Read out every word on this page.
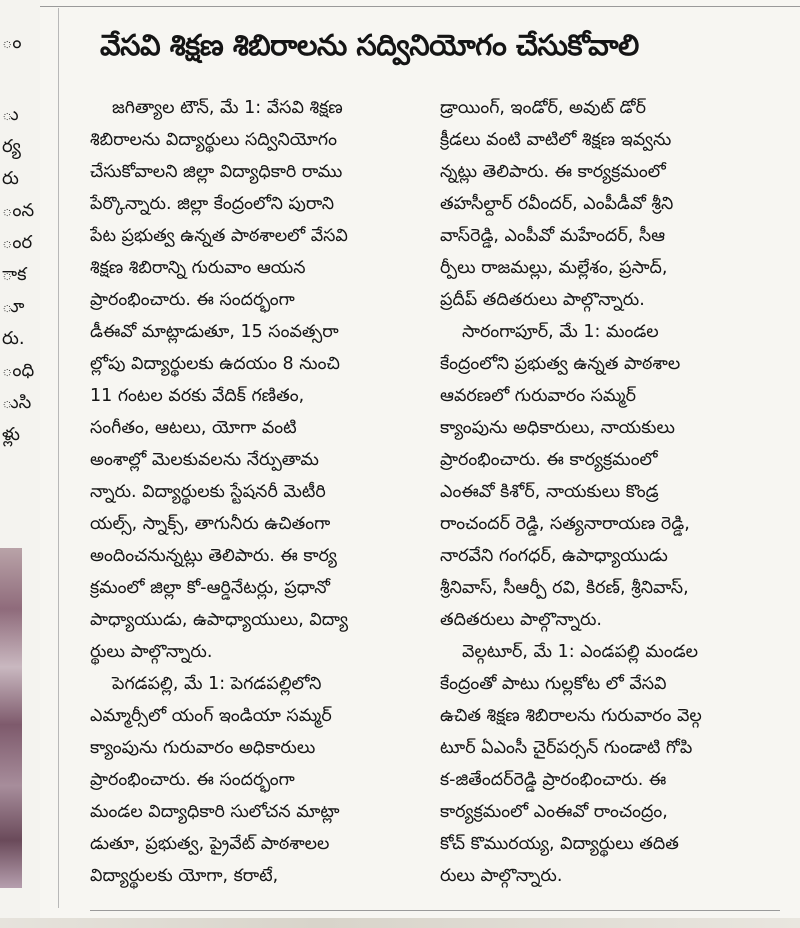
ం
ు
ర్య
రు
ంన
ంర
ాక
ూ
రు.
ంధి
ుసి
ళ్లు
వేసవి శిక్షణ శిబిరాలను సద్వినియోగం చేసుకోవాలి
జగిత్యాల టౌన్, మే 1: వేసవి శిక్షణ
శిబిరాలను విద్యార్థులు సద్వినియోగం
చేసుకోవాలని జిల్లా విద్యాధికారి రాము
పేర్కొన్నారు. జిల్లా కేంద్రంలోని పురాని
పేట ప్రభుత్వ ఉన్నత పాఠశాలలో వేసవి
శిక్షణ శిబిరాన్ని గురువాం ఆయన
ప్రారంభించారు. ఈ సందర్భంగా
డీఈవో మాట్లాడుతూ, 15 సంవత్సరా
ల్లోపు విద్యార్థులకు ఉదయం 8 నుంచి
11 గంటల వరకు వేదిక్ గణితం,
సంగీతం, ఆటలు, యోగా వంటి
అంశాల్లో మెలకువలను నేర్పుతామ
న్నారు. విద్యార్థులకు స్టేషనరీ మెటీరి
యల్స్, స్నాక్స్, తాగునీరు ఉచితంగా
అందించనున్నట్లు తెలిపారు. ఈ కార్య
క్రమంలో జిల్లా కో-ఆర్డినేటర్లు, ప్రధానో
పాధ్యాయుడు, ఉపాధ్యాయులు, విద్యా
ర్థులు పాల్గొన్నారు.
పెగడపల్లి, మే 1: పెగడపల్లిలోని
ఎమ్మార్సీలో యంగ్ ఇండియా సమ్మర్
క్యాంపును గురువారం అధికారులు
ప్రారంభించారు. ఈ సందర్భంగా
మండల విద్యాధికారి సులోచన మాట్లా
డుతూ, ప్రభుత్వ, ప్రైవేట్ పాఠశాలల
విద్యార్థులకు యోగా, కరాటే,
డ్రాయింగ్, ఇండోర్, అవుట్ డోర్
క్రీడలు వంటి వాటిలో శిక్షణ ఇవ్వను
న్నట్లు తెలిపారు. ఈ కార్యక్రమంలో
తహసీల్దార్ రవీందర్, ఎంపీడీవో శ్రీని
వాస్‌రెడ్డి, ఎంపీవో మహేందర్, సీఆ
ర్పీలు రాజమల్లు, మల్లేశం, ప్రసాద్,
ప్రదీప్ తదితరులు పాల్గొన్నారు.
సారంగాపూర్, మే 1: మండల
కేంద్రంలోని ప్రభుత్వ ఉన్నత పాఠశాల
ఆవరణలో గురువారం సమ్మర్
క్యాంపును అధికారులు, నాయకులు
ప్రారంభించారు. ఈ కార్యక్రమంలో
ఎంఈవో కిశోర్, నాయకులు కొండ్ర
రాంచందర్ రెడ్డి, సత్యనారాయణ రెడ్డి,
నారవేని గంగధర్, ఉపాధ్యాయుడు
శ్రీనివాస్, సీఆర్పీ రవి, కిరణ్, శ్రీనివాస్,
తదితరులు పాల్గొన్నారు.
వెల్గటూర్, మే 1: ఎండపల్లి మండల
కేంద్రంతో పాటు గుల్లకోట లో వేసవి
ఉచిత శిక్షణ శిబిరాలను గురువారం వెల్గ
టూర్ ఏఎంసీ చైర్‌పర్సన్ గుండాటి గోపి
క-జితేందర్‌రెడ్డి ప్రారంభించారు. ఈ
కార్యక్రమంలో ఎంఈవో రాంచంద్రం,
కోచ్ కొమురయ్య, విద్యార్థులు తదిత
రులు పాల్గొన్నారు.
